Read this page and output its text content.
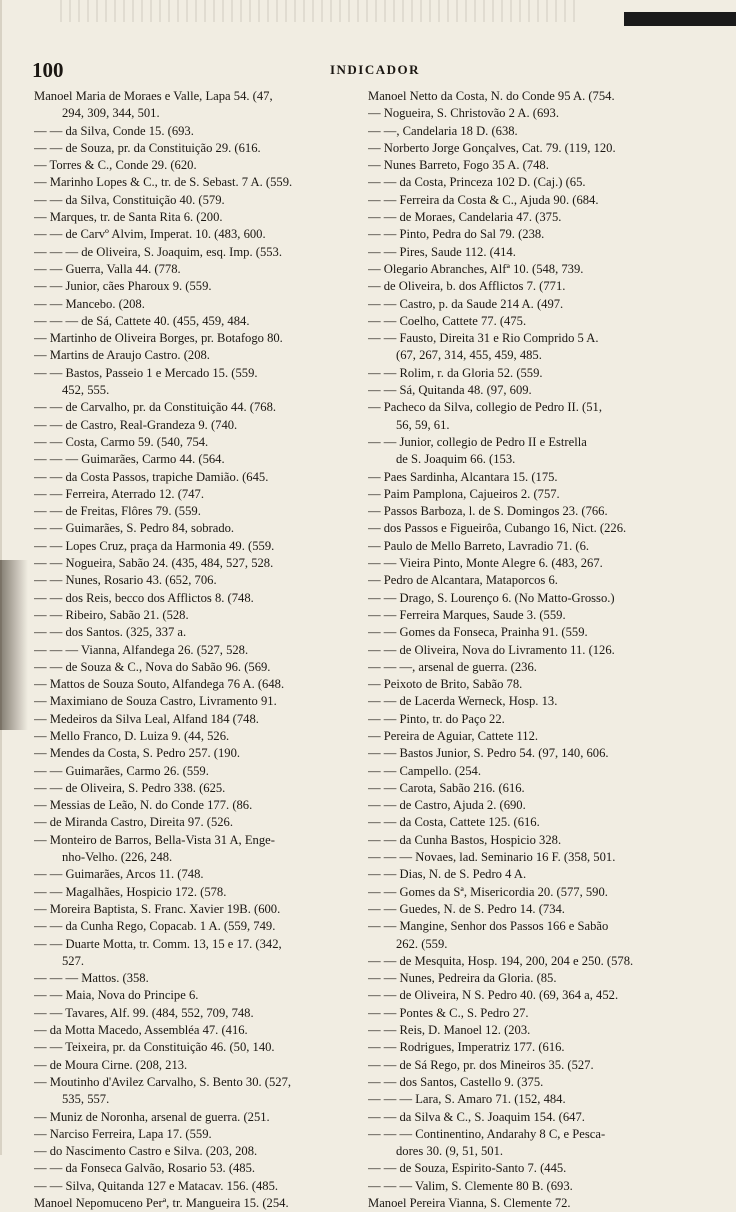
100	INDICADOR
Manoel Maria de Moraes e Valle, Lapa 54. (47,
294, 309, 344, 501.
— — da Silva, Conde 15. (693.
— — de Souza, pr. da Constituição 29. (616.
— Torres & C., Conde 29. (620.
— Marinho Lopes & C., tr. de S. Sebast. 7 A. (559.
— — da Silva, Constituição 40. (579.
— Marques, tr. de Santa Rita 6. (200.
— — de Carvº Alvim, Imperat. 10. (483, 600.
— — — de Oliveira, S. Joaquim, esq. Imp. (553.
— — Guerra, Valla 44. (778.
— — Junior, cães Pharoux 9. (559.
— — Mancebo. (208.
— — — de Sá, Cattete 40. (455, 459, 484.
— Martinho de Oliveira Borges, pr. Botafogo 80.
— Martins de Araujo Castro. (208.
— — Bastos, Passeio 1 e Mercado 15. (559.
452, 555.
— — de Carvalho, pr. da Constituição 44. (768.
— — de Castro, Real-Grandeza 9. (740.
— — Costa, Carmo 59. (540, 754.
— — — Guimarães, Carmo 44. (564.
— — da Costa Passos, trapiche Damião. (645.
— — Ferreira, Aterrado 12. (747.
— — de Freitas, Flôres 79. (559.
— — Guimarães, S. Pedro 84, sobrado.
— — Lopes Cruz, praça da Harmonia 49. (559.
— — Nogueira, Sabão 24. (435, 484, 527, 528.
— — Nunes, Rosario 43. (652, 706.
— — dos Reis, becco dos Afflictos 8. (748.
— — Ribeiro, Sabão 21. (528.
— — dos Santos. (325, 337 a.
— — — Vianna, Alfandega 26. (527, 528.
— — de Souza & C., Nova do Sabão 96. (569.
— Mattos de Souza Souto, Alfandega 76 A. (648.
— Maximiano de Souza Castro, Livramento 91.
— Medeiros da Silva Leal, Alfand 184 (748.
— Mello Franco, D. Luiza 9. (44, 526.
— Mendes da Costa, S. Pedro 257. (190.
— — Guimarães, Carmo 26. (559.
— — de Oliveira, S. Pedro 338. (625.
— Messias de Leão, N. do Conde 177. (86.
— de Miranda Castro, Direita 97. (526.
— Monteiro de Barros, Bella-Vista 31 A, Enge-
nho-Velho. (226, 248.
— — Guimarães, Arcos 11. (748.
— — Magalhães, Hospicio 172. (578.
— Moreira Baptista, S. Franc. Xavier 19B. (600.
— — da Cunha Rego, Copacab. 1 A. (559, 749.
— — Duarte Motta, tr. Comm. 13, 15 e 17. (342,
527.
— — — Mattos. (358.
— — Maia, Nova do Principe 6.
— — Tavares, Alf. 99. (484, 552, 709, 748.
— da Motta Macedo, Assembléa 47. (416.
— — Teixeira, pr. da Constituição 46. (50, 140.
— de Moura Cirne. (208, 213.
— Moutinho d'Avilez Carvalho, S. Bento 30. (527,
535, 557.
— Muniz de Noronha, arsenal de guerra. (251.
— Narciso Ferreira, Lapa 17. (559.
— do Nascimento Castro e Silva. (203, 208.
— — da Fonseca Galvão, Rosario 53. (485.
— — Silva, Quitanda 127 e Matacav. 156. (485.
Manoel Nepomuceno Perª, tr. Mangueira 15. (254.
Manoel Netto da Costa, N. do Conde 95 A. (754.
— Nogueira, S. Christovão 2 A. (693.
— —, Candelaria 18 D. (638.
— Norberto Jorge Gonçalves, Cat. 79. (119, 120.
— Nunes Barreto, Fogo 35 A. (748.
— — da Costa, Princeza 102 D. (Caj.) (65.
— — Ferreira da Costa & C., Ajuda 90. (684.
— — de Moraes, Candelaria 47. (375.
— — Pinto, Pedra do Sal 79. (238.
— — Pires, Saude 112. (414.
— Olegario Abranches, Alfª 10. (548, 739.
— de Oliveira, b. dos Afflictos 7. (771.
— — Castro, p. da Saude 214 A. (497.
— — Coelho, Cattete 77. (475.
— — Fausto, Direita 31 e Rio Comprido 5 A.
(67, 267, 314, 455, 459, 485.
— — Rolim, r. da Gloria 52. (559.
— — Sá, Quitanda 48. (97, 609.
— Pacheco da Silva, collegio de Pedro II. (51,
56, 59, 61.
— — Junior, collegio de Pedro II e Estrella
de S. Joaquim 66. (153.
— Paes Sardinha, Alcantara 15. (175.
— Paim Pamplona, Cajueiros 2. (757.
— Passos Barboza, l. de S. Domingos 23. (766.
— dos Passos e Figueirôa, Cubango 16, Nict. (226.
— Paulo de Mello Barreto, Lavradio 71. (6.
— — Vieira Pinto, Monte Alegre 6. (483, 267.
— Pedro de Alcantara, Mataporcos 6.
— — Drago, S. Lourenço 6. (No Matto-Grosso.)
— — Ferreira Marques, Saude 3. (559.
— — Gomes da Fonseca, Prainha 91. (559.
— — de Oliveira, Nova do Livramento 11. (126.
— — —, arsenal de guerra. (236.
— Peixoto de Brito, Sabão 78.
— — de Lacerda Werneck, Hosp. 13.
— — Pinto, tr. do Paço 22.
— Pereira de Aguiar, Cattete 112.
— — Bastos Junior, S. Pedro 54. (97, 140, 606.
— — Campello. (254.
— — Carota, Sabão 216. (616.
— — de Castro, Ajuda 2. (690.
— — da Costa, Cattete 125. (616.
— — da Cunha Bastos, Hospicio 328.
— — — Novaes, lad. Seminario 16 F. (358, 501.
— — Dias, N. de S. Pedro 4 A.
— — Gomes da Sª, Misericordia 20. (577, 590.
— — Guedes, N. de S. Pedro 14. (734.
— — Mangine, Senhor dos Passos 166 e Sabão
262. (559.
— — de Mesquita, Hosp. 194, 200, 204 e 250. (578.
— — Nunes, Pedreira da Gloria. (85.
— — de Oliveira, N S. Pedro 40. (69, 364 a, 452.
— — Pontes & C., S. Pedro 27.
— — Reis, D. Manoel 12. (203.
— — Rodrigues, Imperatriz 177. (616.
— — de Sá Rego, pr. dos Mineiros 35. (527.
— — dos Santos, Castello 9. (375.
— — — Lara, S. Amaro 71. (152, 484.
— — da Silva & C., S. Joaquim 154. (647.
— — — Continentino, Andarahy 8 C, e Pesca-
dores 30. (9, 51, 501.
— — de Souza, Espirito-Santo 7. (445.
— — — Valim, S. Clemente 80 B. (693.
Manoel Pereira Vianna, S. Clemente 72.
